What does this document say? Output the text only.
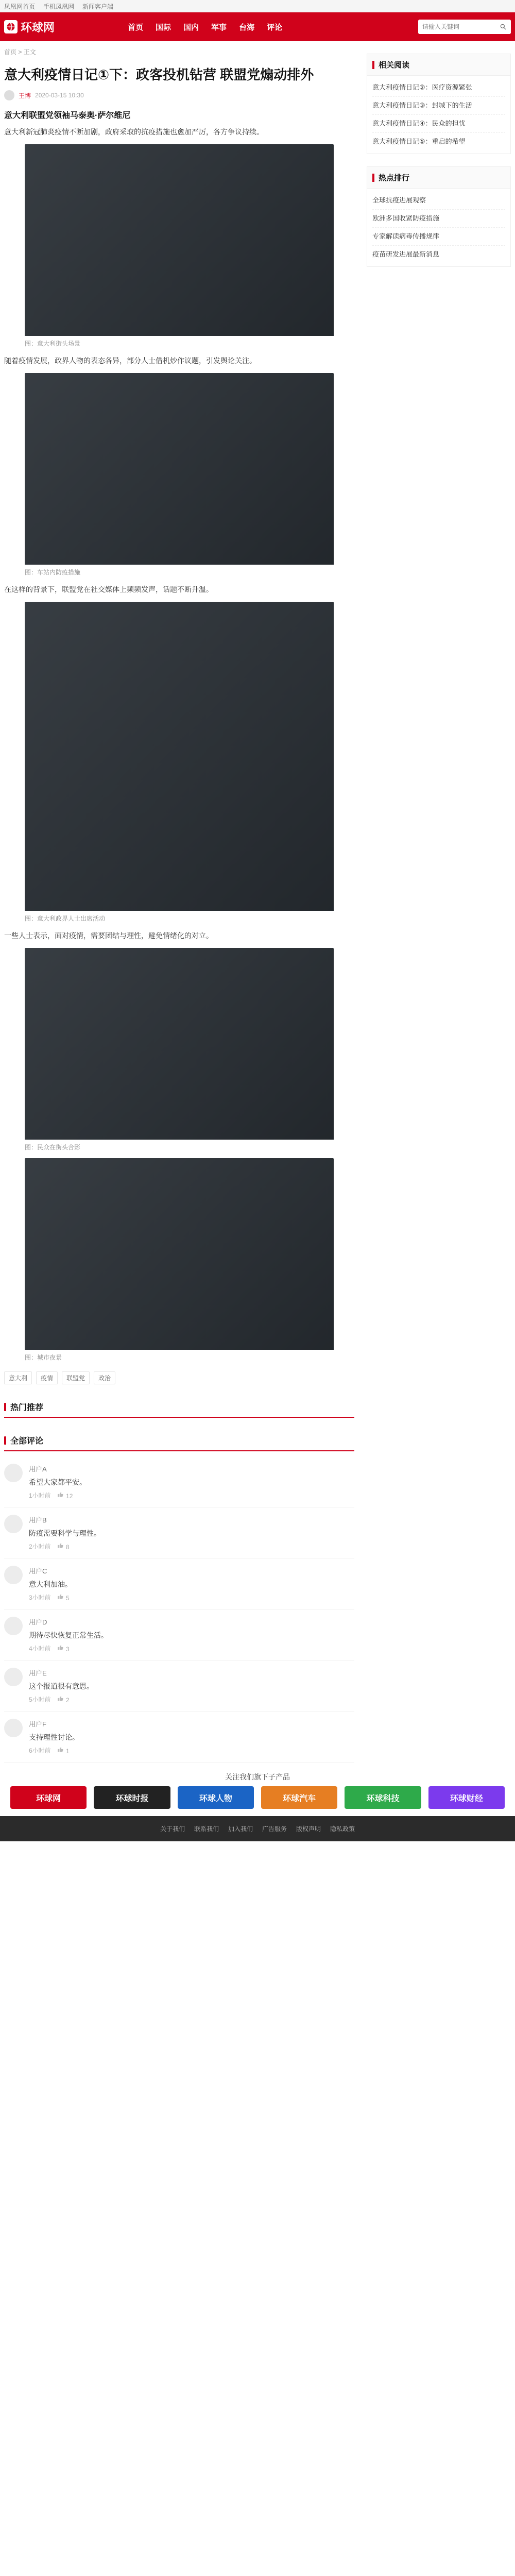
凤凰网首页 手机凤凰网 新闻客户端
环球网	首页 国际 国内 军事 台海 评论
请输入关键词
首页 > 正文
意大利疫情日记①下：政客投机钻营 联盟党煽动排外
王博 2020-03-15 10:30
意大利联盟党领袖马泰奥·萨尔维尼

意大利新冠肺炎疫情不断加剧，政府采取的抗疫措施也愈加严厉，各方争议持续。

图：意大利街头场景

随着疫情发展，政界人物的表态各异，部分人士借机炒作议题，引发舆论关注。

图：车站内防疫措施

在这样的背景下，联盟党在社交媒体上频频发声，话题不断升温。

图：意大利政界人士出席活动

一些人士表示，面对疫情，需要团结与理性，避免情绪化的对立。

图：民众在街头合影
图：城市夜景
意大利	疫情	联盟党	政治
热门推荐
全部评论
用户A
希望大家都平安。
1小时前	12
用户B
防疫需要科学与理性。
2小时前	8
用户C
意大利加油。
3小时前	5
用户D
期待尽快恢复正常生活。
4小时前	3
用户E
这个报道很有意思。
5小时前	2
用户F
支持理性讨论。
6小时前	1
相关阅读
意大利疫情日记②：医疗资源紧张
意大利疫情日记③：封城下的生活
意大利疫情日记④：民众的担忧
意大利疫情日记⑤：重启的希望
热点排行
全球抗疫进展观察
欧洲多国收紧防疫措施
专家解读病毒传播规律
疫苗研发进展最新消息
关注我们旗下子产品
环球网	环球时报	环球人物	环球汽车	环球科技	环球财经
关于我们 联系我们 加入我们 广告服务 版权声明 隐私政策
